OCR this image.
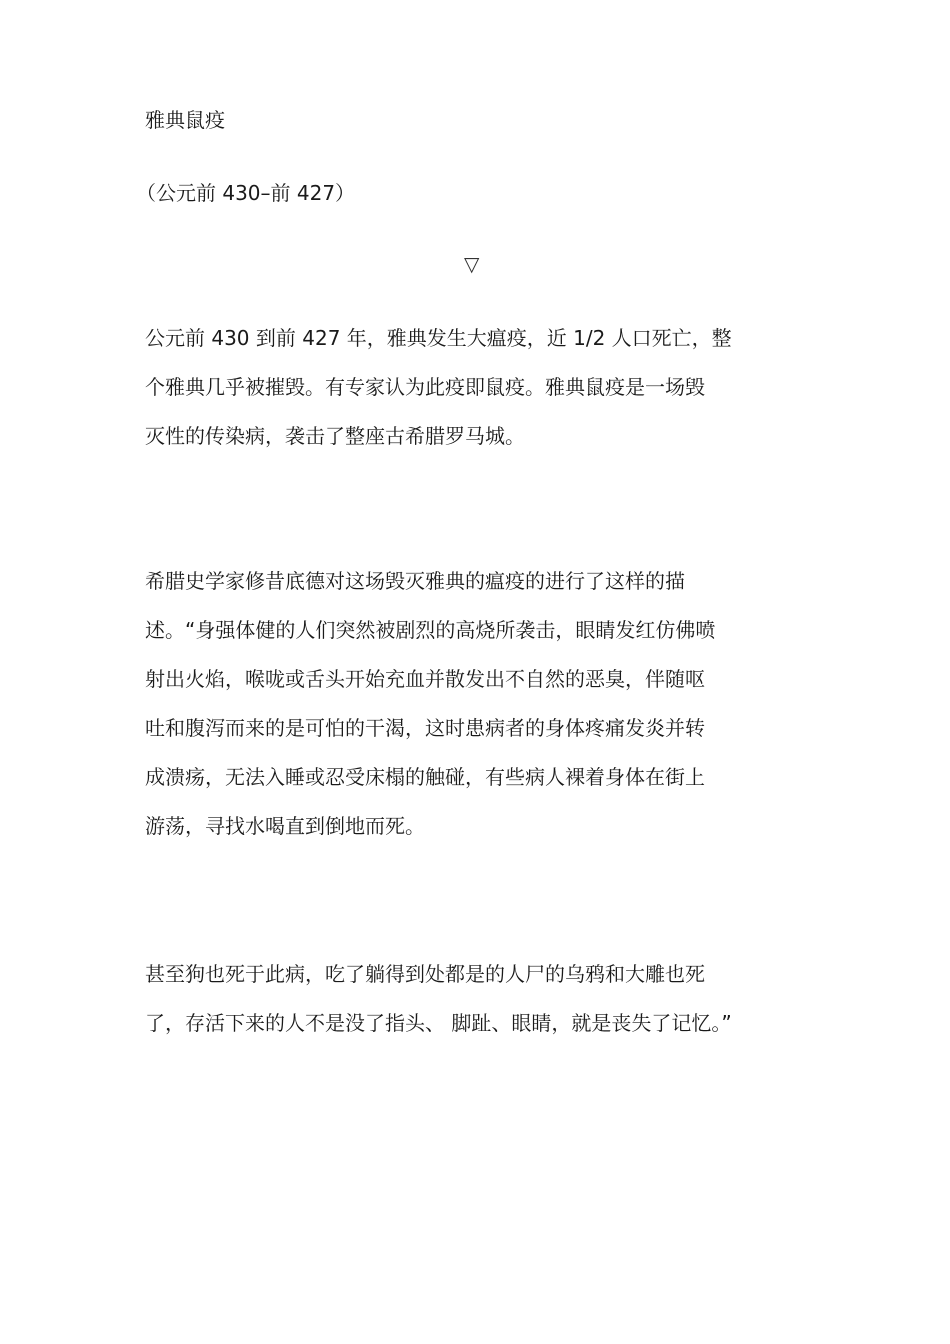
雅典鼠疫
（公元前 430–前 427）
▽
公元前 430 到前 427 年，雅典发生大瘟疫，近 1/2 人口死亡，整
个雅典几乎被摧毁。有专家认为此疫即鼠疫。雅典鼠疫是一场毁
灭性的传染病，袭击了整座古希腊罗马城。
希腊史学家修昔底德对这场毁灭雅典的瘟疫的进行了这样的描
述。“身强体健的人们突然被剧烈的高烧所袭击，眼睛发红仿佛喷
射出火焰，喉咙或舌头开始充血并散发出不自然的恶臭，伴随呕
吐和腹泻而来的是可怕的干渴，这时患病者的身体疼痛发炎并转
成溃疡，无法入睡或忍受床榻的触碰，有些病人裸着身体在街上
游荡，寻找水喝直到倒地而死。
甚至狗也死于此病，吃了躺得到处都是的人尸的乌鸦和大雕也死
了，存活下来的人不是没了指头、 脚趾、眼睛，就是丧失了记忆。”
